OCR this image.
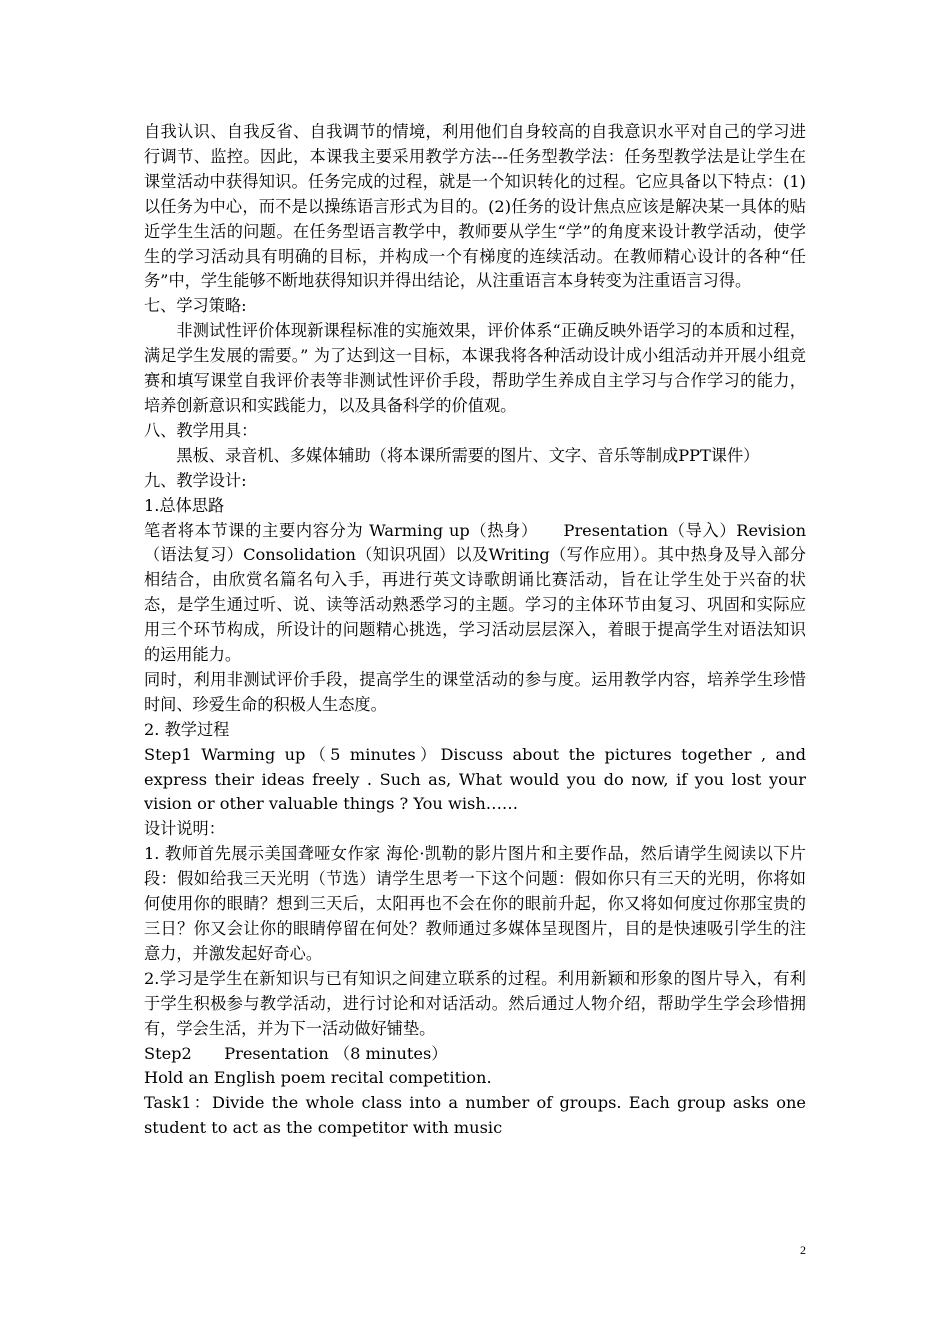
自我认识、自我反省、自我调节的情境，利用他们自身较高的自我意识水平对自己的学习进行调节、监控。因此，本课我主要采用教学方法---任务型教学法：任务型教学法是让学生在课堂活动中获得知识。任务完成的过程，就是一个知识转化的过程。它应具备以下特点：(1)以任务为中心，而不是以操练语言形式为目的。(2)任务的设计焦点应该是解决某一具体的贴近学生生活的问题。在任务型语言教学中，教师要从学生“学”的角度来设计教学活动，使学生的学习活动具有明确的目标，并构成一个有梯度的连续活动。在教师精心设计的各种“任务”中，学生能够不断地获得知识并得出结论，从注重语言本身转变为注重语言习得。

七、学习策略:

非测试性评价体现新课程标准的实施效果，评价体系“正确反映外语学习的本质和过程，满足学生发展的需要。” 为了达到这一目标，本课我将各种活动设计成小组活动并开展小组竞赛和填写课堂自我评价表等非测试性评价手段，帮助学生养成自主学习与合作学习的能力，培养创新意识和实践能力，以及具备科学的价值观。

八、教学用具：

黑板、录音机、多媒体辅助（将本课所需要的图片、文字、音乐等制成PPT课件）

九、教学设计:

1.总体思路

笔者将本节课的主要内容分为 Warming up（热身）　　Presentation（导入）Revision（语法复习）Consolidation（知识巩固）以及Writing（写作应用）。其中热身及导入部分相结合，由欣赏名篇名句入手，再进行英文诗歌朗诵比赛活动，旨在让学生处于兴奋的状态，是学生通过听、说、读等活动熟悉学习的主题。学习的主体环节由复习、巩固和实际应用三个环节构成，所设计的问题精心挑选，学习活动层层深入，着眼于提高学生对语法知识的运用能力。

同时，利用非测试评价手段，提高学生的课堂活动的参与度。运用教学内容，培养学生珍惜时间、珍爱生命的积极人生态度。

2. 教学过程

Step1 Warming up（5 minutes）Discuss about the pictures together , and express their ideas freely . Such as, What would you do now, if you lost your vision or other valuable things ? You wish……

设计说明：

1. 教师首先展示美国聋哑女作家 海伦·凯勒的影片图片和主要作品，然后请学生阅读以下片段：假如给我三天光明（节选）请学生思考一下这个问题：假如你只有三天的光明，你将如何使用你的眼睛？想到三天后，太阳再也不会在你的眼前升起，你又将如何度过你那宝贵的三日？你又会让你的眼睛停留在何处？教师通过多媒体呈现图片，目的是快速吸引学生的注意力，并激发起好奇心。

2.学习是学生在新知识与已有知识之间建立联系的过程。利用新颖和形象的图片导入，有利于学生积极参与教学活动，进行讨论和对话活动。然后通过人物介绍，帮助学生学会珍惜拥有，学会生活，并为下一活动做好铺垫。

Step2　　Presentation （8 minutes）

Hold an English poem recital competition.

Task1：Divide the whole class into a number of groups. Each group asks one student to act as the competitor with music

2
